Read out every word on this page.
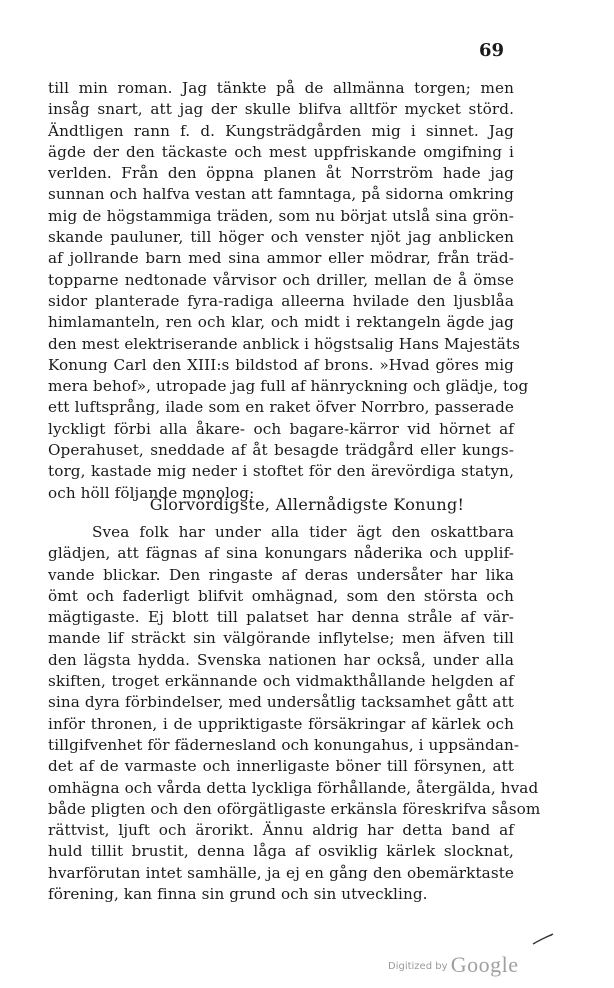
69
till min roman. Jag tänkte på de allmänna torgen; men
insåg snart, att jag der skulle blifva alltför mycket störd.
Ändtligen rann f. d. Kungsträdgården mig i sinnet. Jag
ägde der den täckaste och mest uppfriskande omgifning i
verlden. Från den öppna planen åt Norrström hade jag
sunnan och halfva vestan att famntaga, på sidorna omkring
mig de högstammiga träden, som nu börjat utslå sina grön-
skande pauluner, till höger och venster njöt jag anblicken
af jollrande barn med sina ammor eller mödrar, från träd-
topparne nedtonade vårvisor och driller, mellan de å ömse
sidor planterade fyra-radiga alleerna hvilade den ljusblåa
himlamanteln, ren och klar, och midt i rektangeln ägde jag
den mest elektriserande anblick i högstsalig Hans Majestäts
Konung Carl den XIII:s bildstod af brons. »Hvad göres mig
mera behof», utropade jag full af hänryckning och glädje, tog
ett luftsprång, ilade som en raket öfver Norrbro, passerade
lyckligt förbi alla åkare- och bagare-kärror vid hörnet af
Operahuset, sneddade af åt besagde trädgård eller kungs-
torg, kastade mig neder i stoftet för den ärevördiga statyn,
och höll följande monolog:
Glorvördigste, Allernådigste Konung!
Svea folk har under alla tider ägt den oskattbara
glädjen, att fägnas af sina konungars nåderika och upplif-
vande blickar. Den ringaste af deras undersåter har lika
ömt och faderligt blifvit omhägnad, som den största och
mägtigaste. Ej blott till palatset har denna stråle af vär-
mande lif sträckt sin välgörande inflytelse; men äfven till
den lägsta hydda. Svenska nationen har också, under alla
skiften, troget erkännande och vidmakthållande helgden af
sina dyra förbindelser, med undersåtlig tacksamhet gått att
inför thronen, i de uppriktigaste försäkringar af kärlek och
tillgifvenhet för fädernesland och konungahus, i uppsändan-
det af de varmaste och innerligaste böner till försynen, att
omhägna och vårda detta lyckliga förhållande, återgälda, hvad
både pligten och den oförgätligaste erkänsla föreskrifva såsom
rättvist, ljuft och ärorikt. Ännu aldrig har detta band af
huld tillit brustit, denna låga af osviklig kärlek slocknat,
hvarförutan intet samhälle, ja ej en gång den obemärktaste
förening, kan finna sin grund och sin utveckling.
Digitized by Google
